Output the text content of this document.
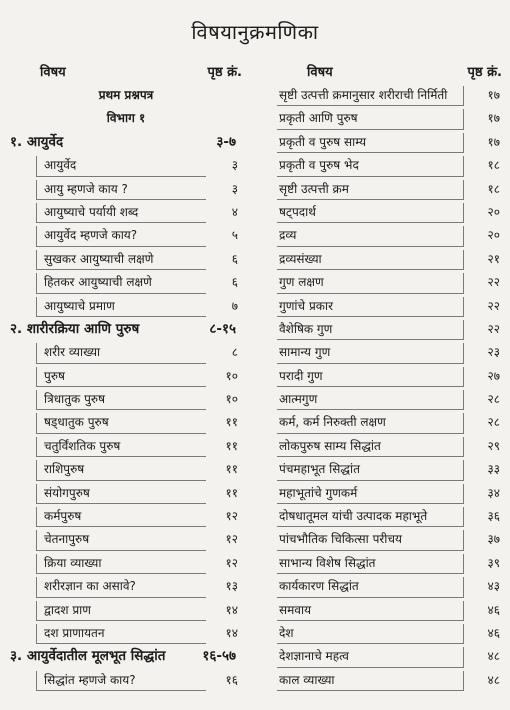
विषयानुक्रमणिका
विषय	पृष्ठ क्रं.
प्रथम प्रश्नपत्र
विभाग १
१. आयुर्वेद	३-७
आयुर्वेद	३
आयु म्हणजे काय ?	३
आयुष्याचे पर्यायी शब्द	४
आयुर्वेद म्हणजे काय?	५
सुखकर आयुष्याची लक्षणे	६
हितकर आयुष्याची लक्षणे	६
आयुष्याचे प्रमाण	७
२. शारीरक्रिया आणि पुरुष	८-१५
शरीर व्याख्या	८
पुरुष	१०
त्रिधातुक पुरुष	१०
षड्धातुक पुरुष	११
चतुर्विंशतिक पुरुष	११
राशिपुरुष	११
संयोगपुरुष	११
कर्मपुरुष	१२
चेतनापुरुष	१२
क्रिया व्याख्या	१२
शरीरज्ञान का असावे?	१३
द्वादश प्राण	१४
दश प्राणायतन	१४
३. आयुर्वेदातील मूलभूत सिद्धांत	१६-५७
सिद्धांत म्हणजे काय?	१६
विषय	पृष्ठ क्रं.
सृष्टी उत्पत्ती क्रमानुसार शरीराची निर्मिती	१७
प्रकृती आणि पुरुष	१७
प्रकृती व पुरुष साम्य	१७
प्रकृती व पुरुष भेद	१८
सृष्टी उत्पत्ती क्रम	१८
षट्पदार्थ	२०
द्रव्य	२०
द्रव्यसंख्या	२१
गुण लक्षण	२२
गुणांचे प्रकार	२२
वैशेषिक गुण	२२
सामान्य गुण	२३
परादी गुण	२७
आत्मगुण	२८
कर्म, कर्म निरुक्ती लक्षण	२८
लोकपुरुष साम्य सिद्धांत	२९
पंचमहाभूत सिद्धांत	३३
महाभूतांचे गुणकर्म	३४
दोषधातूमल यांची उत्पादक महाभूते	३६
पांचभौतिक चिकित्सा परीचय	३७
साभान्य विशेष सिद्धांत	३९
कार्यकारण सिद्धांत	४३
समवाय	४६
देश	४६
देशज्ञानाचे महत्व	४८
काल व्याख्या	४८
